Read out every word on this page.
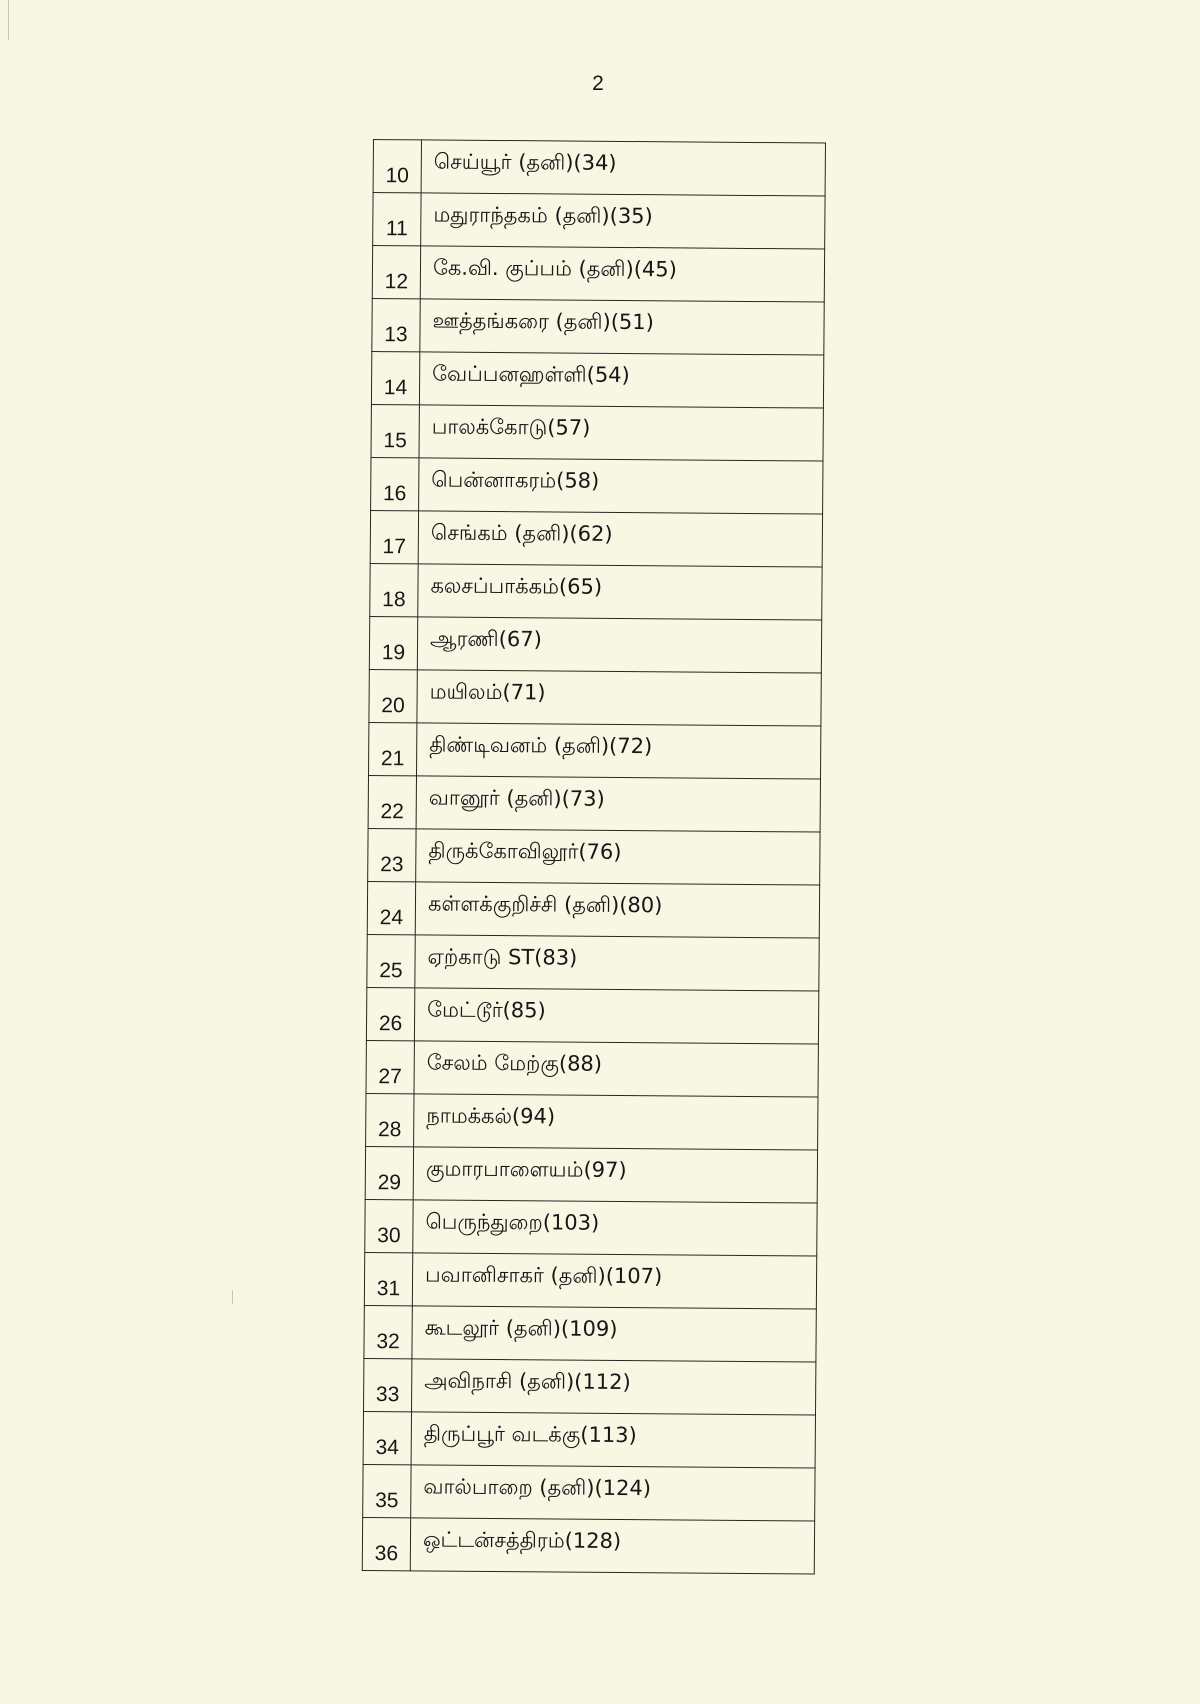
2
10	செய்யூர் (தனி)(34)
11	மதுராந்தகம் (தனி)(35)
12	கே.வி. குப்பம் (தனி)(45)
13	ஊத்தங்கரை (தனி)(51)
14	வேப்பனஹள்ளி(54)
15	பாலக்கோடு(57)
16	பென்னாகரம்(58)
17	செங்கம் (தனி)(62)
18	கலசப்பாக்கம்(65)
19	ஆரணி(67)
20	மயிலம்(71)
21	திண்டிவனம் (தனி)(72)
22	வானூர் (தனி)(73)
23	திருக்கோவிலூர்(76)
24	கள்ளக்குறிச்சி (தனி)(80)
25	ஏற்காடு ST(83)
26	மேட்டூர்(85)
27	சேலம் மேற்கு(88)
28	நாமக்கல்(94)
29	குமாரபாளையம்(97)
30	பெருந்துறை(103)
31	பவானிசாகர் (தனி)(107)
32	கூடலூர் (தனி)(109)
33	அவிநாசி (தனி)(112)
34	திருப்பூர் வடக்கு(113)
35	வால்பாறை (தனி)(124)
36	ஒட்டன்சத்திரம்(128)
